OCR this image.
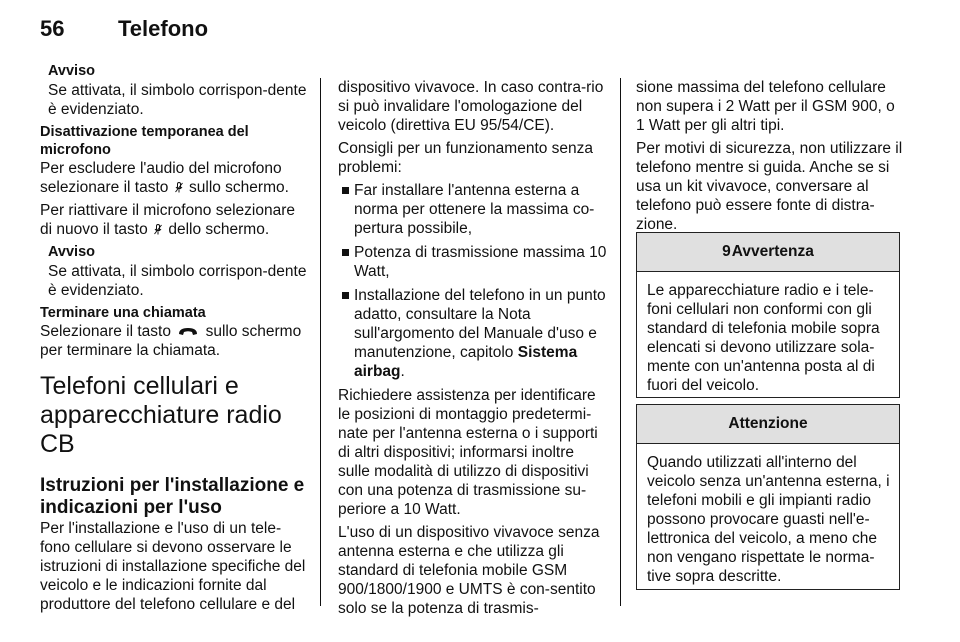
56 Telefono
Avviso
Se attivata, il simbolo corrispon-dente è evidenziato.
Disattivazione temporanea del microfono

Per escludere l'audio del microfono selezionare il tasto sullo schermo.

Per riattivare il microfono selezionare di nuovo il tasto dello schermo.

Avviso
Se attivata, il simbolo corrispon-dente è evidenziato.
Terminare una chiamata

Selezionare il tasto sullo schermo per terminare la chiamata.

Telefoni cellulari e apparecchiature radio CB
Istruzioni per l'installazione e indicazioni per l'uso

Per l'installazione e l'uso di un tele-fono cellulare si devono osservare le istruzioni di installazione specifiche del veicolo e le indicazioni fornite dal produttore del telefono cellulare e del

dispositivo vivavoce. In caso contra-rio si può invalidare l'omologazione del veicolo (direttiva EU 95/54/CE).

Consigli per un funzionamento senza problemi:

Far installare l'antenna esterna a norma per ottenere la massima co-pertura possibile,
Potenza di trasmissione massima 10 Watt,
Installazione del telefono in un punto adatto, consultare la Nota sull'argomento del Manuale d'uso e manutenzione, capitolo Sistema airbag.

Richiedere assistenza per identificare le posizioni di montaggio predetermi-nate per l'antenna esterna o i supporti di altri dispositivi; informarsi inoltre sulle modalità di utilizzo di dispositivi con una potenza di trasmissione su-periore a 10 Watt.

L'uso di un dispositivo vivavoce senza antenna esterna e che utilizza gli standard di telefonia mobile GSM 900/1800/1900 e UMTS è con-sentito solo se la potenza di trasmis-

sione massima del telefono cellulare non supera i 2 Watt per il GSM 900, o 1 Watt per gli altri tipi.

Per motivi di sicurezza, non utilizzare il telefono mentre si guida. Anche se si usa un kit vivavoce, conversare al telefono può essere fonte di distra-zione.

9Avvertenza
Le apparecchiature radio e i tele-foni cellulari non conformi con gli standard di telefonia mobile sopra elencati si devono utilizzare sola-mente con un'antenna posta al di fuori del veicolo.
Attenzione
Quando utilizzati all'interno del veicolo senza un'antenna esterna, i telefoni mobili e gli impianti radio possono provocare guasti nell'e-lettronica del veicolo, a meno che non vengano rispettate le norma-tive sopra descritte.
